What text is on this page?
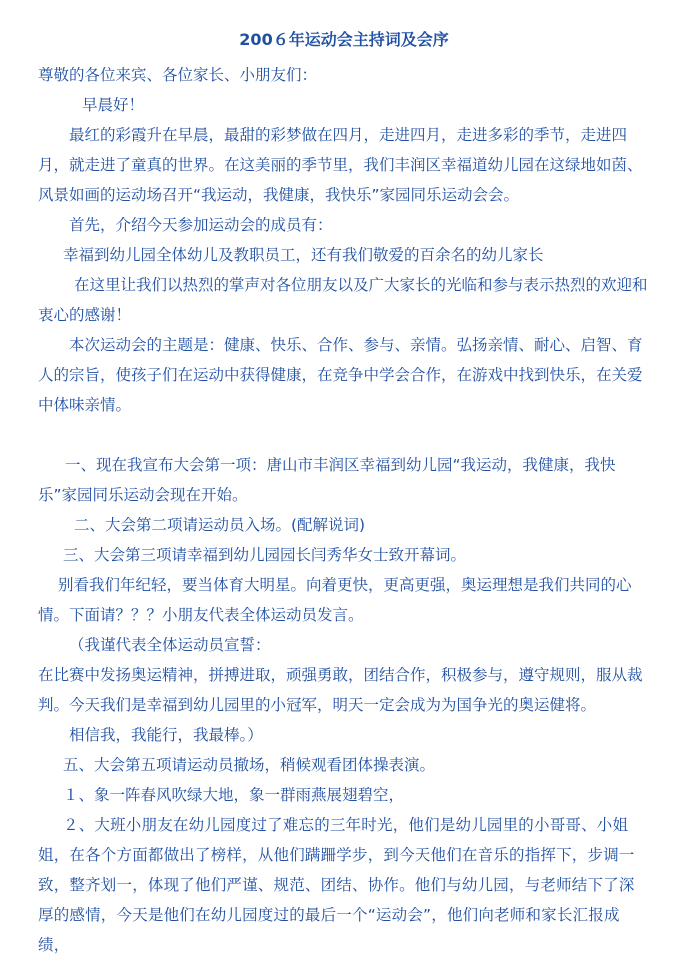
200６年运动会主持词及会序

尊敬的各位来宾、各位家长、小朋友们：

早晨好！

最红的彩霞升在早晨，最甜的彩梦做在四月，走进四月，走进多彩的季节，走进四月，就走进了童真的世界。在这美丽的季节里，我们丰润区幸福道幼儿园在这绿地如茵、风景如画的运动场召开“我运动，我健康，我快乐”家园同乐运动会会。

首先，介绍今天参加运动会的成员有：

幸福到幼儿园全体幼儿及教职员工，还有我们敬爱的百余名的幼儿家长

在这里让我们以热烈的掌声对各位朋友以及广大家长的光临和参与表示热烈的欢迎和衷心的感谢！

本次运动会的主题是：健康、快乐、合作、参与、亲情。弘扬亲情、耐心、启智、育人的宗旨，使孩子们在运动中获得健康，在竞争中学会合作，在游戏中找到快乐，在关爱中体味亲情。

一、现在我宣布大会第一项：唐山市丰润区幸福到幼儿园“我运动，我健康，我快乐”家园同乐运动会现在开始。

二、大会第二项请运动员入场。(配解说词)

三、大会第三项请幸福到幼儿园园长闫秀华女士致开幕词。

别看我们年纪轻，要当体育大明星。向着更快，更高更强，奥运理想是我们共同的心情。下面请？？？小朋友代表全体运动员发言。

（我谨代表全体运动员宣誓：

在比赛中发扬奥运精神，拼搏进取，顽强勇敢，团结合作，积极参与，遵守规则，服从裁判。今天我们是幸福到幼儿园里的小冠军，明天一定会成为为国争光的奥运健将。

相信我，我能行，我最棒。）

五、大会第五项请运动员撤场，稍候观看团体操表演。

１、象一阵春风吹绿大地，象一群雨燕展翅碧空，

２、大班小朋友在幼儿园度过了难忘的三年时光，他们是幼儿园里的小哥哥、小姐姐，在各个方面都做出了榜样，从他们蹒跚学步，到今天他们在音乐的指挥下，步调一致，整齐划一，体现了他们严谨、规范、团结、协作。他们与幼儿园，与老师结下了深厚的感情，今天是他们在幼儿园度过的最后一个“运动会”，他们向老师和家长汇报成绩，
